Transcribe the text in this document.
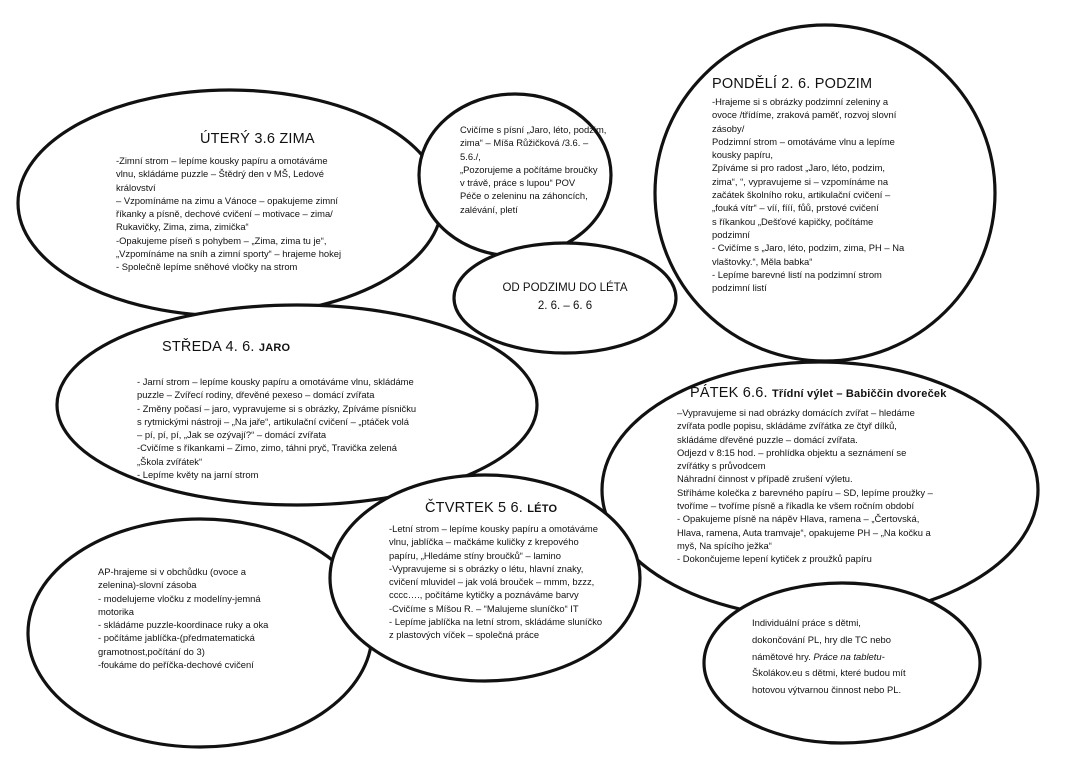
OD PODZIMU DO LÉTA
2. 6. – 6. 6
Cvičíme s písní „Jaro, léto, podzim,
zima“ – Míša Růžičková /3.6. –
5.6./,
„Pozorujeme a počítáme broučky
v trávě, práce s lupou“ POV
Péče o zeleninu na záhoncích,
zalévání, pletí
ÚTERÝ 3.6 ZIMA
-Zimní strom – lepíme kousky papíru a omotáváme
vlnu, skládáme puzzle – Štědrý den v MŠ, Ledové
království
– Vzpomínáme na zimu a Vánoce – opakujeme zimní
říkanky a písně, dechové cvičení – motivace – zima/
Rukavičky, Zima, zima, zimička“
-Opakujeme píseň s pohybem – „Zima, zima tu je“,
„Vzpomínáme na sníh a zimní sporty“ – hrajeme hokej
- Společně lepíme sněhové vločky na strom
PONDĚLÍ 2. 6. PODZIM
-Hrajeme si s obrázky podzimní zeleniny a
ovoce /třídíme, zraková paměť, rozvoj slovní
zásoby/
Podzimní strom – omotáváme vlnu a lepíme
kousky papíru,
Zpíváme si pro radost „Jaro, léto, podzim,
zima“, “, vypravujeme si – vzpomínáme na
začátek školního roku, artikulační cvičení –
„fouká vítr“ – víí, fííí, fůů, prstové cvičení
s říkankou „Dešťové kapičky, počítáme
podzimní
- Cvičíme s „Jaro, léto, podzim, zima, PH – Na
vlaštovky.“, Měla babka“
- Lepíme barevné listí na podzimní strom
podzimní listí
STŘEDA 4. 6. JARO
- Jarní strom – lepíme kousky papíru a omotáváme vlnu, skládáme
puzzle – Zvířecí rodiny, dřevěné pexeso – domácí zvířata
- Změny počasí – jaro, vypravujeme si s obrázky, Zpíváme písničku
s rytmickými nástroji – „Na jaře“, artikulační cvičení – „ptáček volá
– pí, pí, pí, „Jak se ozývají?“ – domácí zvířata
-Cvičíme s říkankami – Zimo, zimo, táhni pryč, Travička zelená
„Škola zvířátek“
- Lepíme květy na jarní strom
PÁTEK 6.6. Třídní výlet – Babiččin dvoreček
–Vypravujeme si nad obrázky domácích zvířat – hledáme
zvířata podle popisu, skládáme zvířátka ze čtyř dílků,
skládáme dřevěné puzzle – domácí zvířata.
Odjezd v 8:15 hod. – prohlídka objektu a seznámení se
zvířátky s průvodcem
Náhradní činnost v případě zrušení výletu.
Stříháme kolečka z barevného papíru – SD, lepíme proužky –
tvoříme – tvoříme písně a říkadla ke všem ročním období
- Opakujeme písně na nápěv Hlava, ramena – „Čertovská,
Hlava, ramena, Auta tramvaje“, opakujeme PH – „Na kočku a
myš, Na spícího ježka“
- Dokončujeme lepení kytiček z proužků papíru
ČTVRTEK 5 6. LÉTO
-Letní strom – lepíme kousky papíru a omotáváme
vlnu, jablíčka – mačkáme kuličky z krepového
papíru, „Hledáme stíny broučků“ – lamino
-Vypravujeme si s obrázky o létu, hlavní znaky,
cvičení mluvidel – jak volá brouček – mmm, bzzz,
cccc…., počítáme kytičky a poznáváme barvy
-Cvičíme s Míšou R. – “Malujeme sluníčko“ IT
- Lepíme jablíčka na letní strom, skládáme sluníčko
z plastových víček – společná práce
AP-hrajeme si v obchůdku (ovoce a
zelenina)-slovní zásoba
- modelujeme vločku z modelíny-jemná
motorika
- skládáme puzzle-koordinace ruky a oka
- počítáme jablíčka-(předmatematická
gramotnost,počítání do 3)
-foukáme do peříčka-dechové cvičení
Individuální práce s dětmi,
dokončování PL, hry dle TC nebo
námětové hry. Práce na tabletu-
Školákov.eu s dětmi, které budou mít
hotovou výtvarnou činnost nebo PL.
